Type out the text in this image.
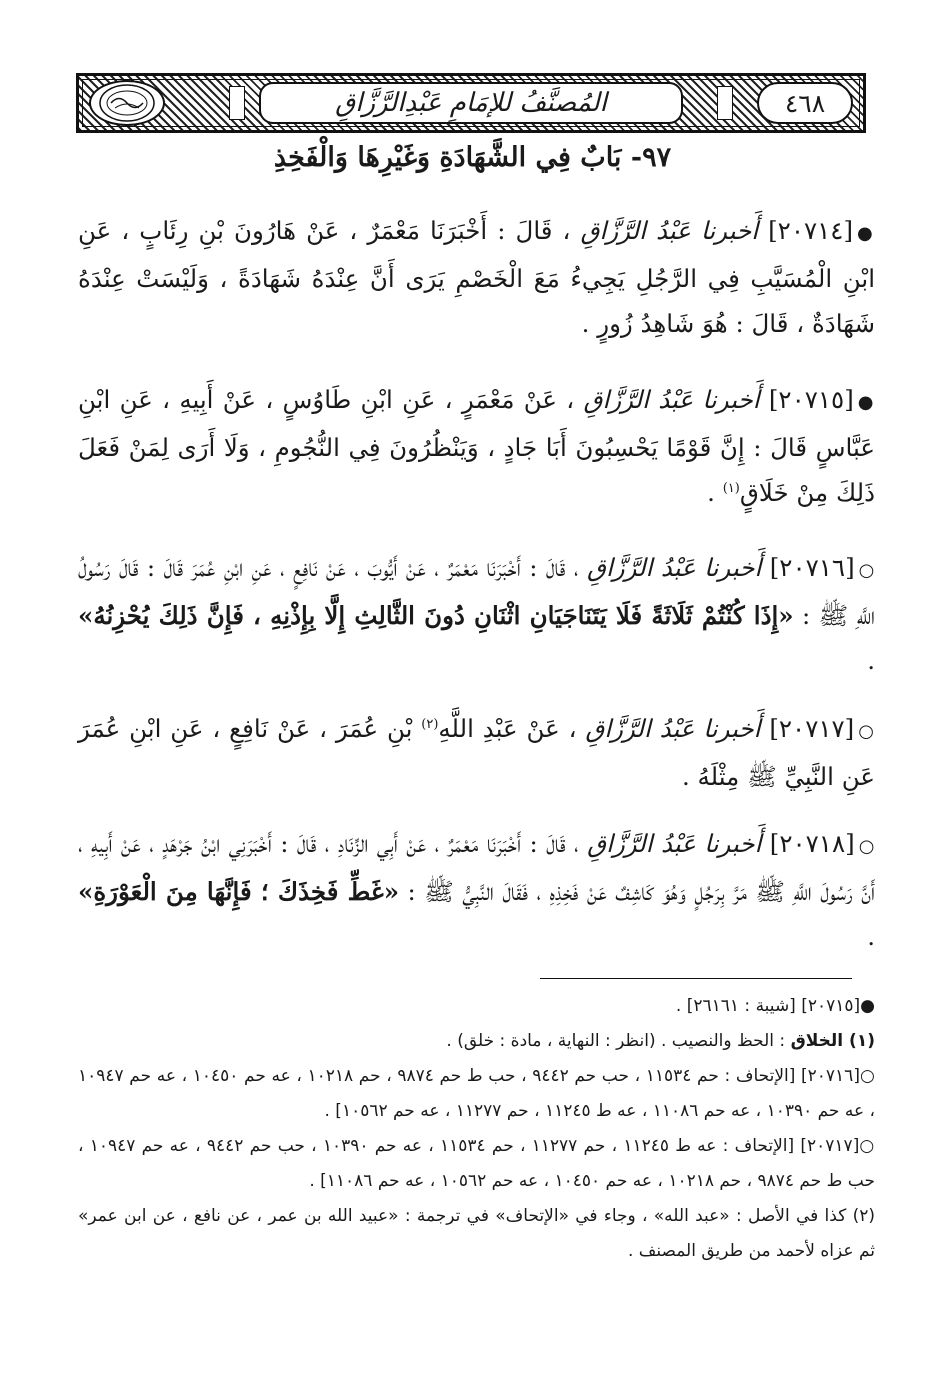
المُصنَّفُ للإمَامِ عَبْدِالرَّزَّاقِ	٤٦٨
٩٧- بَابٌ فِي الشَّهَادَةِ وَغَيْرِهَا وَالْفَخِذِ
●[٢٠٧١٤] أَخبرنا عَبْدُ الرَّزَّاقِ ، قَالَ : أَخْبَرَنَا مَعْمَرٌ ، عَنْ هَارُونَ بْنِ رِئَابٍ ، عَنِ ابْنِ الْمُسَيَّبِ فِي الرَّجُلِ يَجِيءُ مَعَ الْخَصْمِ يَرَى أَنَّ عِنْدَهُ شَهَادَةً ، وَلَيْسَتْ عِنْدَهُ شَهَادَةٌ ، قَالَ : هُوَ شَاهِدُ زُورٍ .
●[٢٠٧١٥] أَخبرنا عَبْدُ الرَّزَّاقِ ، عَنْ مَعْمَرٍ ، عَنِ ابْنِ طَاوُسٍ ، عَنْ أَبِيهِ ، عَنِ ابْنِ عَبَّاسٍ قَالَ : إِنَّ قَوْمًا يَحْسِبُونَ أَبَا جَادٍ ، وَيَنْظُرُونَ فِي النُّجُومِ ، وَلَا أَرَى لِمَنْ فَعَلَ ذَلِكَ مِنْ خَلَاقٍ$^{(١)}$ .
○[٢٠٧١٦] أَخبرنا عَبْدُ الرَّزَّاقِ ، قَالَ : أَخْبَرَنَا مَعْمَرٌ ، عَنْ أَيُّوبَ ، عَنْ نَافِعٍ ، عَنِ ابْنِ عُمَرَ قَالَ : قَالَ رَسُولُ اللَّهِ ﷺ : «إِذَا كُنْتُمْ ثَلَاثَةً فَلَا يَتَنَاجَيَانِ اثْنَانِ دُونَ الثَّالِثِ إِلَّا بِإِذْنِهِ ، فَإِنَّ ذَلِكَ يُحْزِنُهُ» .
○[٢٠٧١٧] أَخبرنا عَبْدُ الرَّزَّاقِ ، عَنْ عَبْدِ اللَّهِ$^{(٢)}$ بْنِ عُمَرَ ، عَنْ نَافِعٍ ، عَنِ ابْنِ عُمَرَ عَنِ النَّبِيِّ ﷺ مِثْلَهُ .
○[٢٠٧١٨] أَخبرنا عَبْدُ الرَّزَّاقِ ، قَالَ : أَخْبَرَنَا مَعْمَرٌ ، عَنْ أَبِي الزِّنَادِ ، قَالَ : أَخْبَرَنِي ابْنُ جَرْهَدٍ ، عَنْ أَبِيهِ ، أَنَّ رَسُولَ اللَّهِ ﷺ مَرَّ بِرَجُلٍ وَهُوَ كَاشِفٌ عَنْ فَخِذِهِ ، فَقَالَ النَّبِيُّ ﷺ : «غَطِّ فَخِذَكَ ؛ فَإِنَّهَا مِنَ الْعَوْرَةِ» .
●[٢٠٧١٥] [شيبة : ٢٦١٦١] .
(١) الخلاق : الحظ والنصيب . (انظر : النهاية ، مادة : خلق) .
○[٢٠٧١٦] [الإتحاف : حم ١١٥٣٤ ، حب حم ٩٤٤٢ ، حب ط حم ٩٨٧٤ ، حم ١٠٢١٨ ، عه حم ١٠٤٥٠ ، عه حم ١٠٩٤٧ ، عه حم ١٠٣٩٠ ، عه حم ١١٠٨٦ ، عه ط ١١٢٤٥ ، حم ١١٢٧٧ ، عه حم ١٠٥٦٢] .
○[٢٠٧١٧] [الإتحاف : عه ط ١١٢٤٥ ، حم ١١٢٧٧ ، حم ١١٥٣٤ ، عه حم ١٠٣٩٠ ، حب حم ٩٤٤٢ ، عه حم ١٠٩٤٧ ، حب ط حم ٩٨٧٤ ، حم ١٠٢١٨ ، عه حم ١٠٤٥٠ ، عه حم ١٠٥٦٢ ، عه حم ١١٠٨٦] .
(٢) كذا في الأصل : «عبد الله» ، وجاء في «الإتحاف» في ترجمة : «عبيد الله بن عمر ، عن نافع ، عن ابن عمر» ثم عزاه لأحمد من طريق المصنف .
